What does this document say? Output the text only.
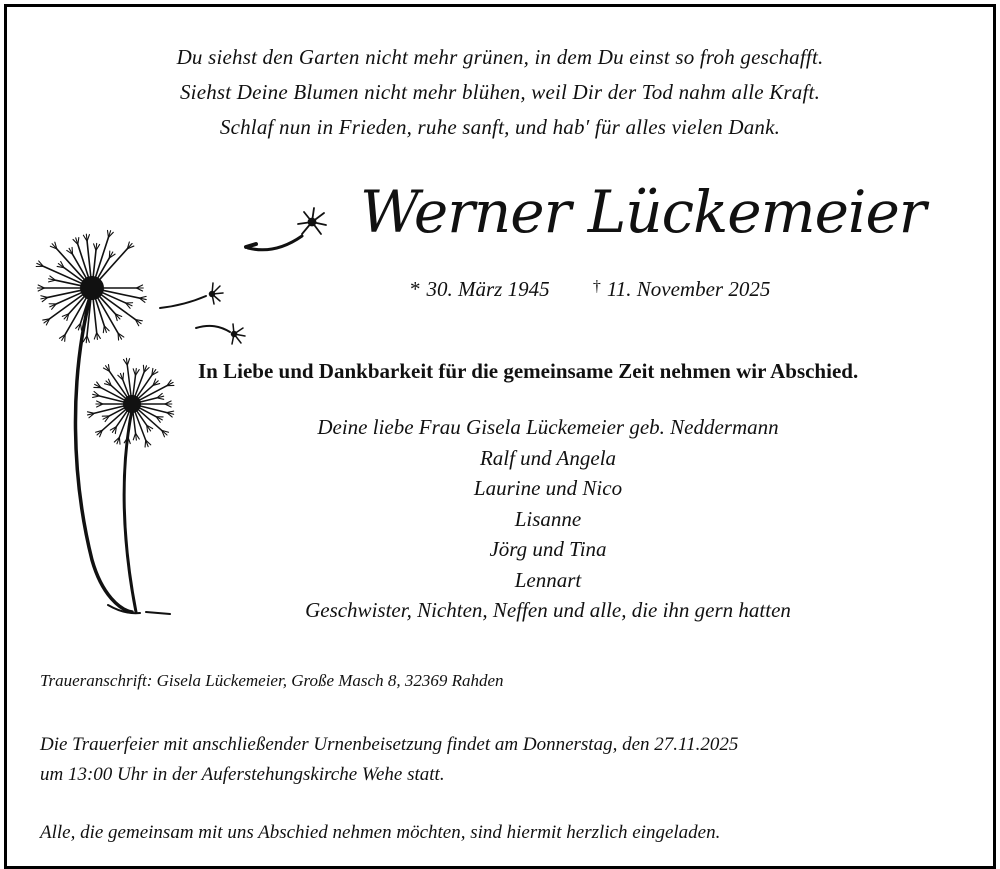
Du siehst den Garten nicht mehr grünen, in dem Du einst so froh geschafft.
Siehst Deine Blumen nicht mehr blühen, weil Dir der Tod nahm alle Kraft.
Schlaf nun in Frieden, ruhe sanft, und hab′ für alles vielen Dank.
Werner Lückemeier
* 30. März 1945	† 11. November 2025
In Liebe und Dankbarkeit für die gemeinsame Zeit nehmen wir Abschied.
Deine liebe Frau Gisela Lückemeier geb. Neddermann
Ralf und Angela
Laurine und Nico
Lisanne
Jörg und Tina
Lennart
Geschwister, Nichten, Neffen und alle, die ihn gern hatten
Traueranschrift: Gisela Lückemeier, Große Masch 8, 32369 Rahden
Die Trauerfeier mit anschließender Urnenbeisetzung findet am Donnerstag, den 27.11.2025
um 13:00 Uhr in der Auferstehungskirche Wehe statt.
Alle, die gemeinsam mit uns Abschied nehmen möchten, sind hiermit herzlich eingeladen.
